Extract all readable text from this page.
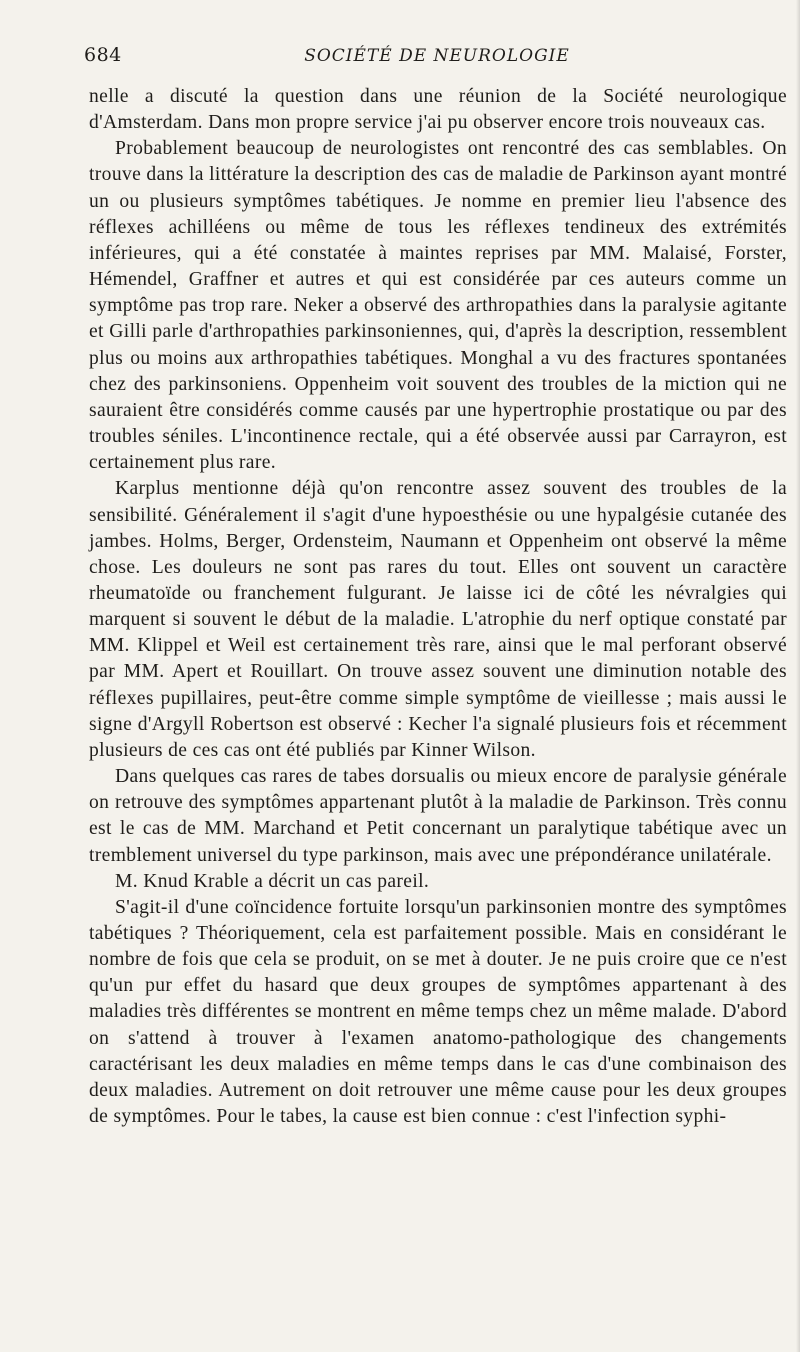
684	SOCIÉTÉ DE NEUROLOGIE

nelle a discuté la question dans une réunion de la Société neurologique d'Amsterdam. Dans mon propre service j'ai pu observer encore trois nouveaux cas.

Probablement beaucoup de neurologistes ont rencontré des cas semblables. On trouve dans la littérature la description des cas de maladie de Parkinson ayant montré un ou plusieurs symptômes tabétiques. Je nomme en premier lieu l'absence des réflexes achilléens ou même de tous les réflexes tendineux des extrémités inférieures, qui a été constatée à maintes reprises par MM. Malaisé, Forster, Hémendel, Graffner et autres et qui est considérée par ces auteurs comme un symptôme pas trop rare. Neker a observé des arthropathies dans la paralysie agitante et Gilli parle d'arthropathies parkinsoniennes, qui, d'après la description, ressemblent plus ou moins aux arthropathies tabétiques. Monghal a vu des fractures spontanées chez des parkinsoniens. Oppenheim voit souvent des troubles de la miction qui ne sauraient être considérés comme causés par une hypertrophie prostatique ou par des troubles séniles. L'incontinence rectale, qui a été observée aussi par Carrayron, est certainement plus rare.

Karplus mentionne déjà qu'on rencontre assez souvent des troubles de la sensibilité. Généralement il s'agit d'une hypoesthésie ou une hypalgésie cutanée des jambes. Holms, Berger, Ordensteim, Naumann et Oppenheim ont observé la même chose. Les douleurs ne sont pas rares du tout. Elles ont souvent un caractère rheumatoïde ou franchement fulgurant. Je laisse ici de côté les névralgies qui marquent si souvent le début de la maladie. L'atrophie du nerf optique constaté par MM. Klippel et Weil est certainement très rare, ainsi que le mal perforant observé par MM. Apert et Rouillart. On trouve assez souvent une diminution notable des réflexes pupillaires, peut-être comme simple symptôme de vieillesse ; mais aussi le signe d'Argyll Robertson est observé : Kecher l'a signalé plusieurs fois et récemment plusieurs de ces cas ont été publiés par Kinner Wilson.

Dans quelques cas rares de tabes dorsualis ou mieux encore de paralysie générale on retrouve des symptômes appartenant plutôt à la maladie de Parkinson. Très connu est le cas de MM. Marchand et Petit concernant un paralytique tabétique avec un tremblement universel du type parkinson, mais avec une prépondérance unilatérale.

M. Knud Krable a décrit un cas pareil.

S'agit-il d'une coïncidence fortuite lorsqu'un parkinsonien montre des symptômes tabétiques ? Théoriquement, cela est parfaitement possible. Mais en considérant le nombre de fois que cela se produit, on se met à douter. Je ne puis croire que ce n'est qu'un pur effet du hasard que deux groupes de symptômes appartenant à des maladies très différentes se montrent en même temps chez un même malade. D'abord on s'attend à trouver à l'examen anatomo-pathologique des changements caractérisant les deux maladies en même temps dans le cas d'une combinaison des deux maladies. Autrement on doit retrouver une même cause pour les deux groupes de symptômes. Pour le tabes, la cause est bien connue : c'est l'infection syphi-
